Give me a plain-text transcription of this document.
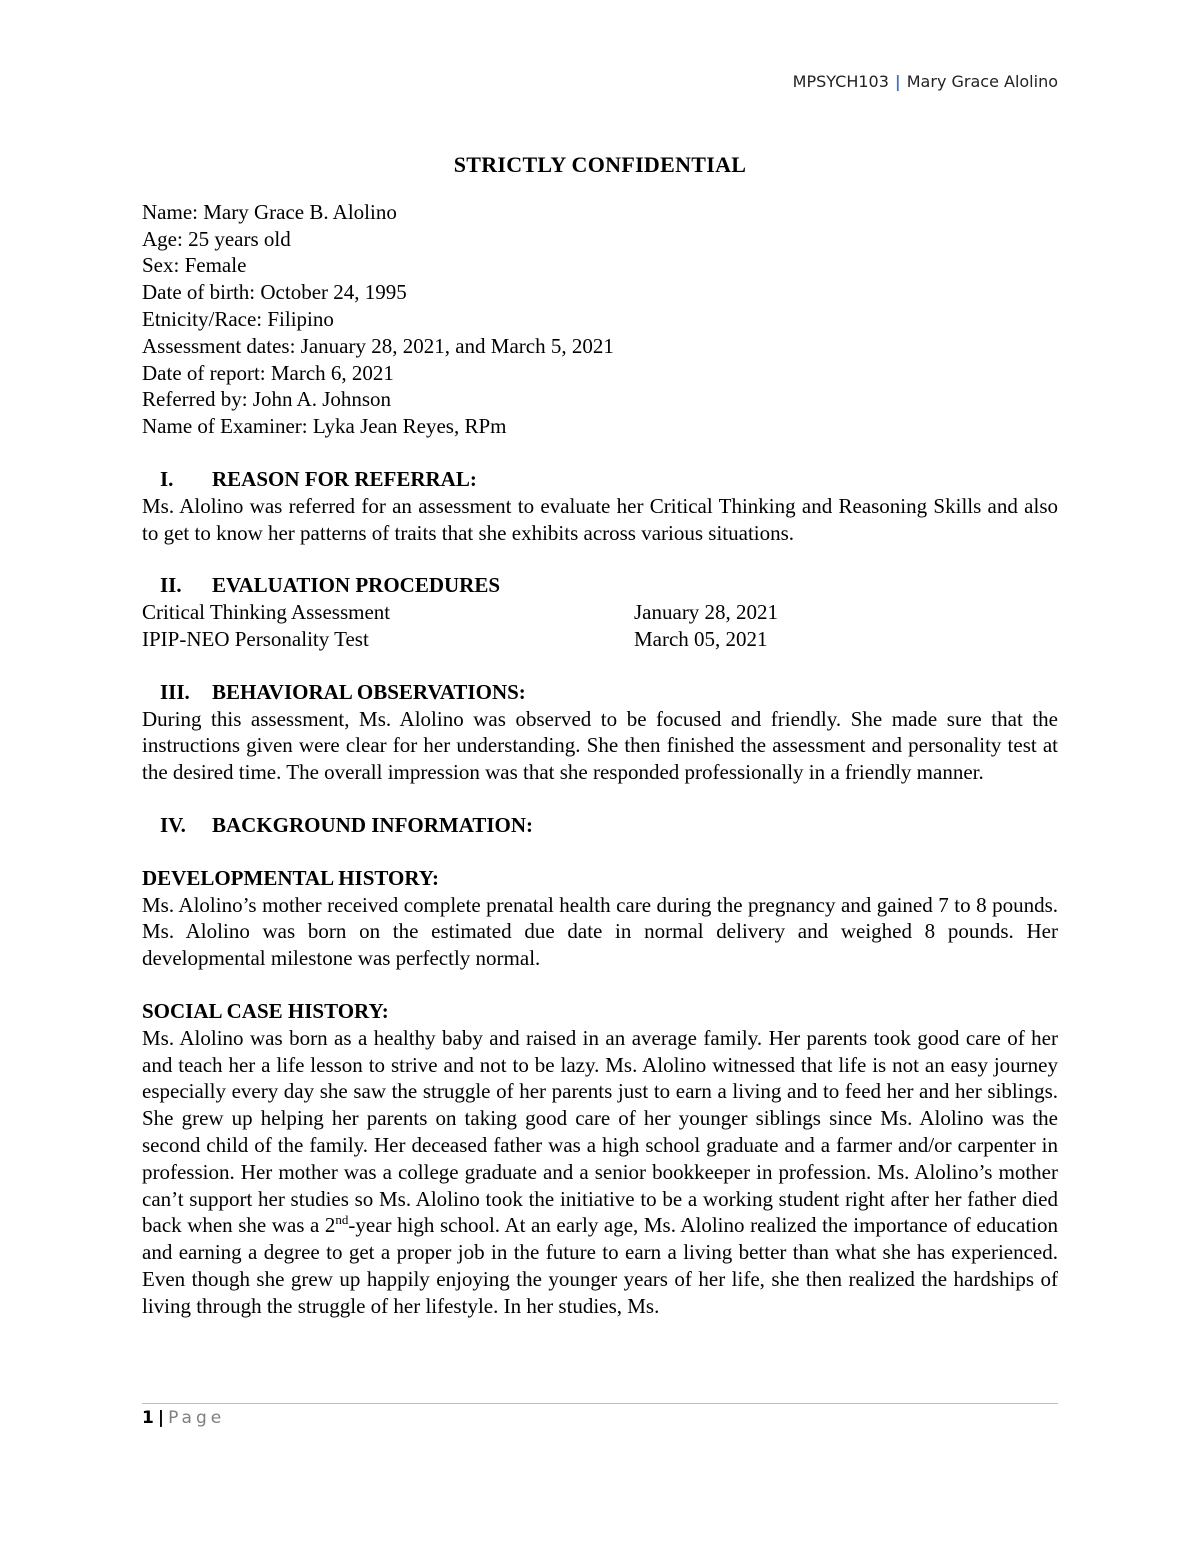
MPSYCH103 | Mary Grace Alolino
STRICTLY CONFIDENTIAL
Name: Mary Grace B. Alolino
Age: 25 years old
Sex: Female
Date of birth: October 24, 1995
Etnicity/Race: Filipino
Assessment dates: January 28, 2021, and March 5, 2021
Date of report: March 6, 2021
Referred by: John A. Johnson
Name of Examiner: Lyka Jean Reyes, RPm
I.	REASON FOR REFERRAL:

Ms. Alolino was referred for an assessment to evaluate her Critical Thinking and Reasoning Skills and also to get to know her patterns of traits that she exhibits across various situations.

II.	EVALUATION PROCEDURES
Critical Thinking Assessment	January 28, 2021
IPIP-NEO Personality Test	March 05, 2021
III.	BEHAVIORAL OBSERVATIONS:

During this assessment, Ms. Alolino was observed to be focused and friendly. She made sure that the instructions given were clear for her understanding. She then finished the assessment and personality test at the desired time. The overall impression was that she responded professionally in a friendly manner.

IV.	BACKGROUND INFORMATION:
DEVELOPMENTAL HISTORY:

Ms. Alolino’s mother received complete prenatal health care during the pregnancy and gained 7 to 8 pounds. Ms. Alolino was born on the estimated due date in normal delivery and weighed 8 pounds. Her developmental milestone was perfectly normal.

SOCIAL CASE HISTORY:

Ms. Alolino was born as a healthy baby and raised in an average family. Her parents took good care of her and teach her a life lesson to strive and not to be lazy. Ms. Alolino witnessed that life is not an easy journey especially every day she saw the struggle of her parents just to earn a living and to feed her and her siblings. She grew up helping her parents on taking good care of her younger siblings since Ms. Alolino was the second child of the family. Her deceased father was a high school graduate and a farmer and/or carpenter in profession. Her mother was a college graduate and a senior bookkeeper in profession. Ms. Alolino’s mother can’t support her studies so Ms. Alolino took the initiative to be a working student right after her father died back when she was a 2nd-year high school. At an early age, Ms. Alolino realized the importance of education and earning a degree to get a proper job in the future to earn a living better than what she has experienced. Even though she grew up happily enjoying the younger years of her life, she then realized the hardships of living through the struggle of her lifestyle. In her studies, Ms.

1 | Page
